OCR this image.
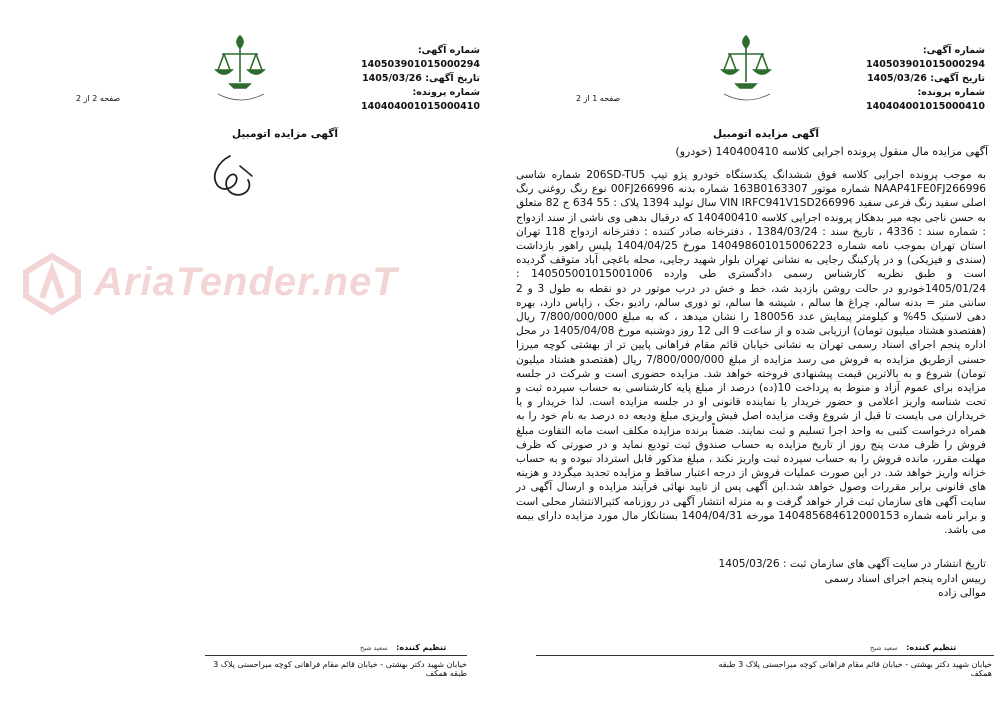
شماره آگهی: 140503901015000294
تاریخ آگهی: 1405/03/26
شماره پرونده: 140404001015000410
صفحه 2 از 2
آگهی مزایده اتومبیل
AriaTender.neT
تنظیم کننده: سعید شیخ
خیابان شهید دکتر بهشتی - خیابان قائم مقام فراهانی کوچه میراحسنی پلاک 3 طبقه همکف
شماره آگهی: 140503901015000294
تاریخ آگهی: 1405/03/26
شماره پرونده: 140404001015000410
صفحه 1 از 2
آگهی مزایده اتومبیل
آگهی مزایده مال منقول پرونده اجرایی کلاسه 140400410 (خودرو)
به موجب پرونده اجرایی کلاسه فوق ششدانگ یکدستگاه خودرو پژو تیپ 206SD-TU5 شماره شاسی NAAP41FE0FJ266996 شماره موتور 163B0163307 شماره بدنه 00FJ266996 نوع رنگ روغنی رنگ اصلی سفید رنگ فرعی سفید VIN IRFC941V1SD266996 سال تولید 1394 پلاک : 55 634 ج 82 متعلق به حسن ناجی بچه میر بدهکار پرونده اجرایی کلاسه 140400410 که درقبال بدهی وی ناشی از سند ازدواج : شماره سند : 4336 ، تاریخ سند : 1384/03/24 ، دفترخانه صادر کننده : دفترخانه ازدواج 118 تهران استان تهران بموجب نامه شماره 140498601015006223 مورخ 1404/04/25 پلیس راهور بازداشت (سندی و فیزیکی) و در پارکینگ رجایی به نشانی تهران بلوار شهید رجایی، محله باغچی آباد متوقف گردیده است و طبق نظریه کارشناس رسمی دادگستری طی وارده 140505001015001006 : 1405/01/24خودرو در حالت روشن بازدید شد، خط و خش در درب موتور در دو نقطه به طول 3 و 2 سانتی متر = بدنه سالم، چراغ ها سالم ، شیشه ها سالم، تو دوری سالم، رادیو ،جک ، زاپاس دارد، بهره دهی لاستیک 45% و کیلومتر پیمایش عدد 180056 را نشان میدهد ، که به مبلغ 7/800/000/000 ریال (هفتصدو هشتاد میلیون تومان) ارزیابی شده و از ساعت 9 الی 12 روز دوشنبه مورخ 1405/04/08 در محل اداره پنجم اجرای اسناد رسمی تهران به نشانی خیابان قائم مقام فراهانی پایین تر از بهشتی کوچه میرزا حسنی ازطریق مزایده به فروش می رسد مزایده از مبلغ 7/800/000/000 ریال (هفتصدو هشتاد میلیون تومان) شروع و به بالاترین قیمت پیشنهادی فروخته خواهد شد. مزایده حضوری است و شرکت در جلسه مزایده برای عموم آزاد و منوط به پرداخت 10(ده) درصد از مبلغ پایه کارشناسی به حساب سپرده ثبت و تحت شناسه واریز اعلامی و حضور خریدار یا نماینده قانونی او در جلسه مزایده است. لذا خریدار و یا خریداران می بایست تا قبل از شروع وقت مزایده اصل فیش واریزی مبلغ ودیعه ده درصد به نام خود را به همراه درخواست کتبی به واحد اجرا تسلیم و ثبت نمایند. ضمناً برنده مزایده مکلف است مابه التفاوت مبلغ فروش را ظرف مدت پنج روز از تاریخ مزایده به حساب صندوق ثبت تودیع نماید و در صورتی که ظرف مهلت مقرر، مانده فروش را به حساب سپرده ثبت واریز نکند ، مبلغ مذکور قابل استرداد نبوده و به حساب خزانه واریز خواهد شد. در این صورت عملیات فروش از درجه اعتبار ساقط و مزایده تجدید میگردد و هزینه های قانونی برابر مقررات وصول خواهد شد.این آگهی پس از تایید نهائی فرآیند مزایده و ارسال آگهی در سایت آگهی های سازمان ثبت قرار خواهد گرفت و به منزله انتشار آگهی در روزنامه کثیرالانتشار محلی است و برابر نامه شماره 140485684612000153 مورخه 1404/04/31 بستانکار مال مورد مزایده دارای بیمه می باشد.
تاریخ انتشار در سایت آگهی های سازمان ثبت : 1405/03/26
رییس اداره پنجم اجرای اسناد رسمی
موالی زاده
تنظیم کننده: سعید شیخ
خیابان شهید دکتر بهشتی - خیابان قائم مقام فراهانی کوچه میراحسنی پلاک 3 طبقه همکف
